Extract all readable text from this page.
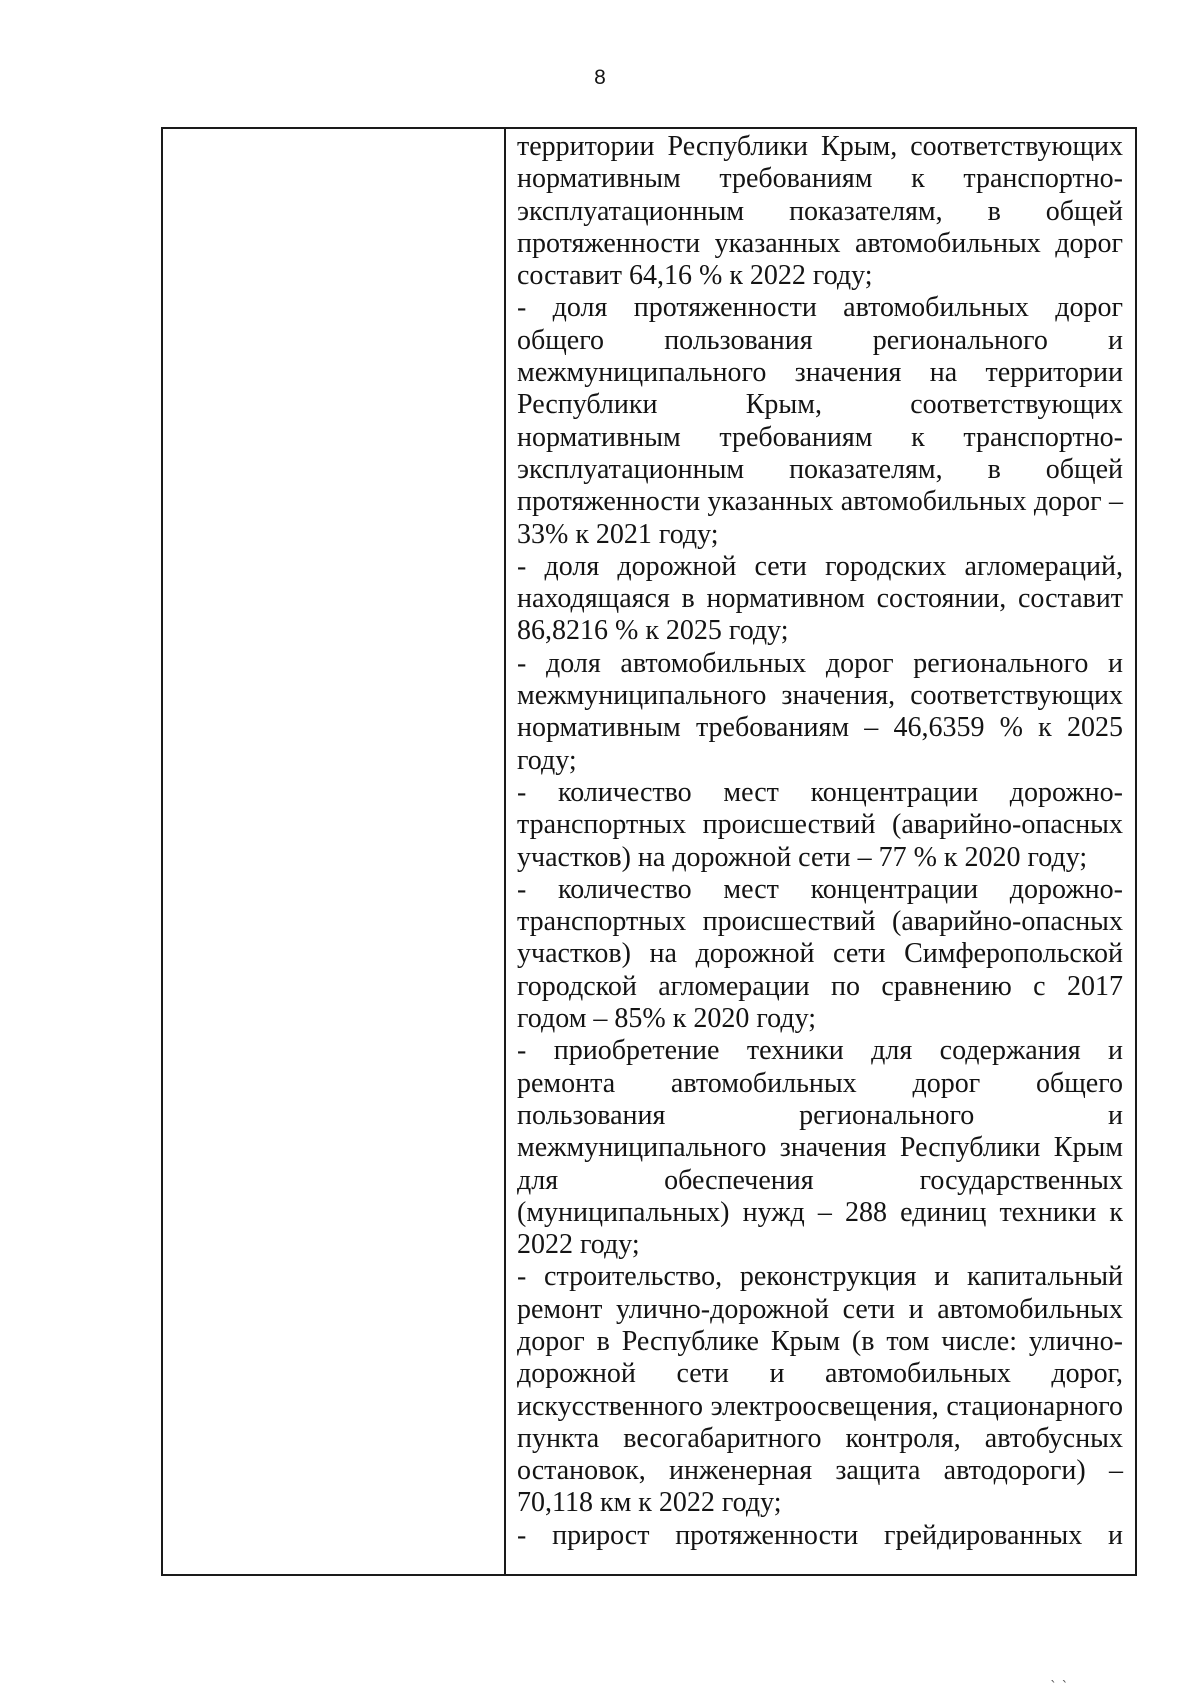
8

территории Республики Крым, соответствующих нормативным требованиям к транспортно-эксплуатационным показателям, в общей протяженности указанных автомобильных дорог составит 64,16 % к 2022 году;

- доля протяженности автомобильных дорог общего пользования регионального и межмуниципального значения на территории Республики Крым, соответствующих нормативным требованиям к транспортно-эксплуатационным показателям, в общей протяженности указанных автомобильных дорог – 33% к 2021 году;

- доля дорожной сети городских агломераций, находящаяся в нормативном состоянии, составит 86,8216 % к 2025 году;

- доля автомобильных дорог регионального и межмуниципального значения, соответствующих нормативным требованиям – 46,6359 % к 2025 году;

- количество мест концентрации дорожно-транспортных происшествий (аварийно-опасных участков) на дорожной сети – 77 % к 2020 году;

- количество мест концентрации дорожно-транспортных происшествий (аварийно-опасных участков) на дорожной сети Симферопольской городской агломерации по сравнению с 2017 годом – 85% к 2020 году;

- приобретение техники для содержания и ремонта автомобильных дорог общего пользования регионального и межмуниципального значения Республики Крым для обеспечения государственных (муниципальных) нужд – 288 единиц техники к 2022 году;

- строительство, реконструкция и капитальный ремонт улично-дорожной сети и автомобильных дорог в Республике Крым (в том числе: улично-дорожной сети и автомобильных дорог, искусственного электроосвещения, стационарного пункта весогабаритного контроля, автобусных остановок, инженерная защита автодороги) – 70,118 км к 2022 году;

- прирост протяженности грейдированных и

ˎ ˎ
